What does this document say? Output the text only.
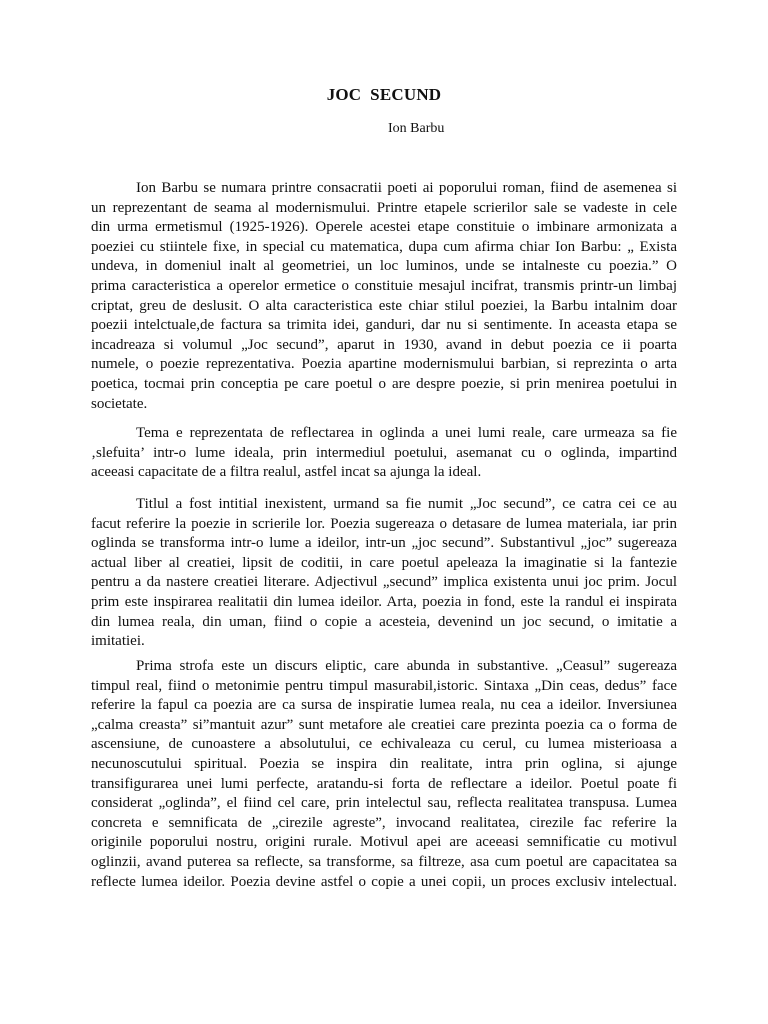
JOC  SECUND
Ion Barbu
Ion Barbu se numara printre consacratii poeti ai poporului roman, fiind de asemenea si
un reprezentant de seama al modernismului. Printre etapele scrierilor sale se vadeste in cele
din urma ermetismul (1925-1926). Operele acestei etape constituie o imbinare armonizata a
poeziei cu stiintele fixe, in special cu matematica, dupa cum afirma chiar Ion Barbu: „ Exista
undeva, in domeniul inalt al geometriei, un loc luminos, unde se intalneste cu poezia.” O
prima caracteristica a operelor ermetice o constituie mesajul incifrat, transmis printr-un limbaj
criptat, greu de deslusit. O alta caracteristica este chiar stilul poeziei, la Barbu intalnim doar
poezii intelctuale,de factura sa trimita idei, ganduri, dar nu si sentimente. In aceasta etapa se
incadreaza si volumul „Joc secund”, aparut in 1930, avand in debut poezia ce ii poarta
numele, o poezie reprezentativa. Poezia apartine modernismului barbian, si reprezinta o arta
poetica, tocmai prin conceptia pe care poetul o are despre poezie, si prin menirea poetului in
societate.
Tema e reprezentata de reflectarea in oglinda a unei lumi reale, care urmeaza sa fie
‚slefuita’ intr-o lume ideala, prin intermediul poetului, asemanat cu o oglinda, impartind
aceeasi capacitate de a filtra realul, astfel incat sa ajunga la ideal.
Titlul a fost intitial inexistent, urmand sa fie numit „Joc secund”, ce catra cei ce au
facut referire la poezie in scrierile lor. Poezia sugereaza o detasare de lumea materiala, iar prin
oglinda se transforma intr-o lume a ideilor, intr-un „joc secund”. Substantivul „joc” sugereaza
actual liber al creatiei, lipsit de coditii, in care poetul apeleaza la imaginatie si la fantezie
pentru a da nastere creatiei literare. Adjectivul „secund” implica existenta unui joc prim. Jocul
prim este inspirarea realitatii din lumea ideilor. Arta, poezia in fond, este la randul ei inspirata
din lumea reala, din uman, fiind o copie a acesteia, devenind un joc secund, o imitatie a
imitatiei.
Prima strofa este un discurs eliptic, care abunda in substantive. „Ceasul” sugereaza
timpul real, fiind o metonimie pentru timpul masurabil,istoric. Sintaxa „Din ceas, dedus” face
referire la fapul ca poezia are ca sursa de inspiratie lumea reala, nu cea a ideilor. Inversiunea
„calma creasta” si”mantuit azur” sunt metafore ale creatiei care prezinta poezia ca o forma de
ascensiune, de cunoastere a absolutului, ce echivaleaza cu cerul, cu lumea misterioasa a
necunoscutului spiritual. Poezia se inspira din realitate, intra prin oglina, si ajunge
transifigurarea unei lumi perfecte, aratandu-si forta de reflectare a ideilor. Poetul poate fi
considerat „oglinda”, el fiind cel care, prin intelectul sau, reflecta realitatea transpusa. Lumea
concreta e semnificata de „cirezile agreste”, invocand realitatea, cirezile fac referire la
originile poporului nostru, origini rurale. Motivul apei are aceeasi semnificatie cu motivul
oglinzii, avand puterea sa reflecte, sa transforme, sa filtreze, asa cum poetul are capacitatea sa
reflecte lumea ideilor. Poezia devine astfel o copie a unei copii, un proces exclusiv intelectual.
